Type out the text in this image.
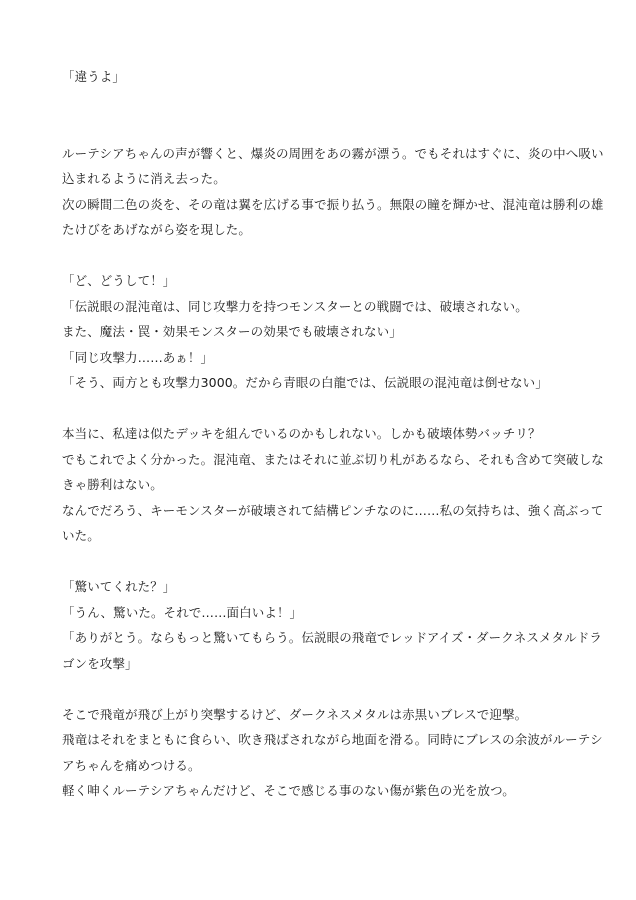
「違うよ」
ルーテシアちゃんの声が響くと、爆炎の周囲をあの霧が漂う。でもそれはすぐに、炎の中へ吸い
込まれるように消え去った。
次の瞬間二色の炎を、その竜は翼を広げる事で振り払う。無限の瞳を輝かせ、混沌竜は勝利の雄
たけびをあげながら姿を現した。
「ど、どうして！」
「伝説眼の混沌竜は、同じ攻撃力を持つモンスターとの戦闘では、破壊されない。
また、魔法・罠・効果モンスターの効果でも破壊されない」
「同じ攻撃力……あぁ！」
「そう、両方とも攻撃力3000。だから青眼の白龍では、伝説眼の混沌竜は倒せない」
本当に、私達は似たデッキを組んでいるのかもしれない。しかも破壊体勢バッチリ？
でもこれでよく分かった。混沌竜、またはそれに並ぶ切り札があるなら、それも含めて突破しな
きゃ勝利はない。
なんでだろう、キーモンスターが破壊されて結構ピンチなのに……私の気持ちは、強く高ぶって
いた。
「驚いてくれた？」
「うん、驚いた。それで……面白いよ！」
「ありがとう。ならもっと驚いてもらう。伝説眼の飛竜でレッドアイズ・ダークネスメタルドラ
ゴンを攻撃」
そこで飛竜が飛び上がり突撃するけど、ダークネスメタルは赤黒いブレスで迎撃。
飛竜はそれをまともに食らい、吹き飛ばされながら地面を滑る。同時にブレスの余波がルーテシ
アちゃんを痛めつける。
軽く呻くルーテシアちゃんだけど、そこで感じる事のない傷が紫色の光を放つ。
